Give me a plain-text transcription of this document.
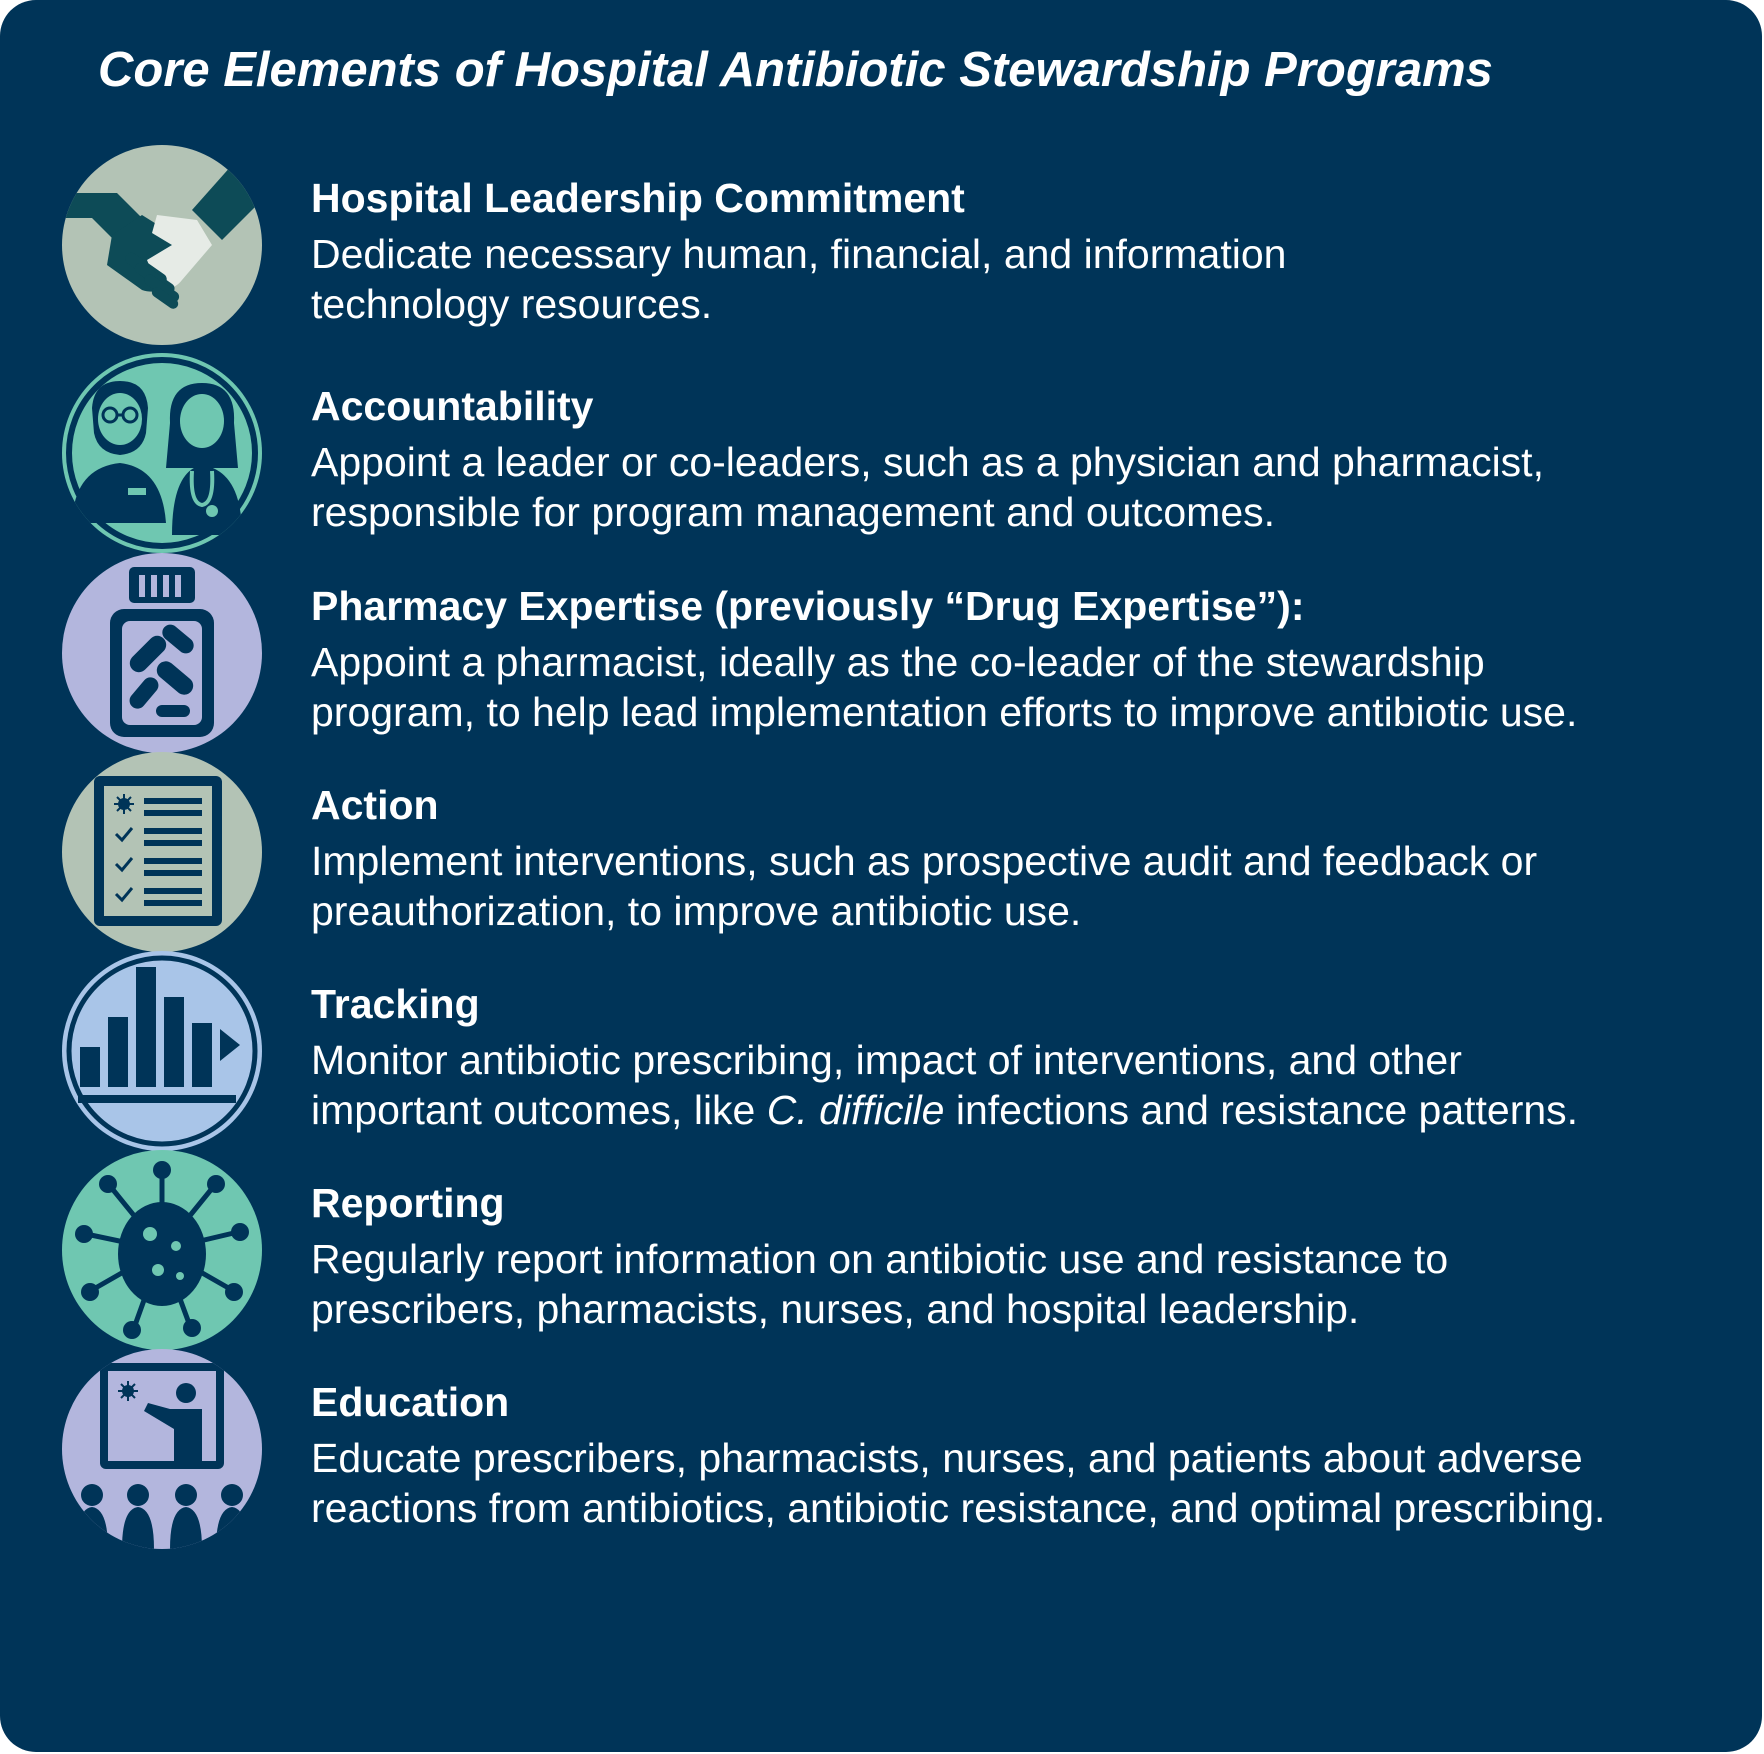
Core Elements of Hospital Antibiotic Stewardship Programs

Hospital Leadership Commitment

Dedicate necessary human, financial, and information
technology resources.

Accountability

Appoint a leader or co-leaders, such as a physician and pharmacist,
responsible for program management and outcomes.

Pharmacy Expertise (previously “Drug Expertise”):

Appoint a pharmacist, ideally as the co-leader of the stewardship
program, to help lead implementation efforts to improve antibiotic use.

Action

Implement interventions, such as prospective audit and feedback or
preauthorization, to improve antibiotic use.

Tracking

Monitor antibiotic prescribing, impact of interventions, and other
important outcomes, like C. difficile infections and resistance patterns.

Reporting

Regularly report information on antibiotic use and resistance to
prescribers, pharmacists, nurses, and hospital leadership.

Education

Educate prescribers, pharmacists, nurses, and patients about adverse
reactions from antibiotics, antibiotic resistance, and optimal prescribing.
